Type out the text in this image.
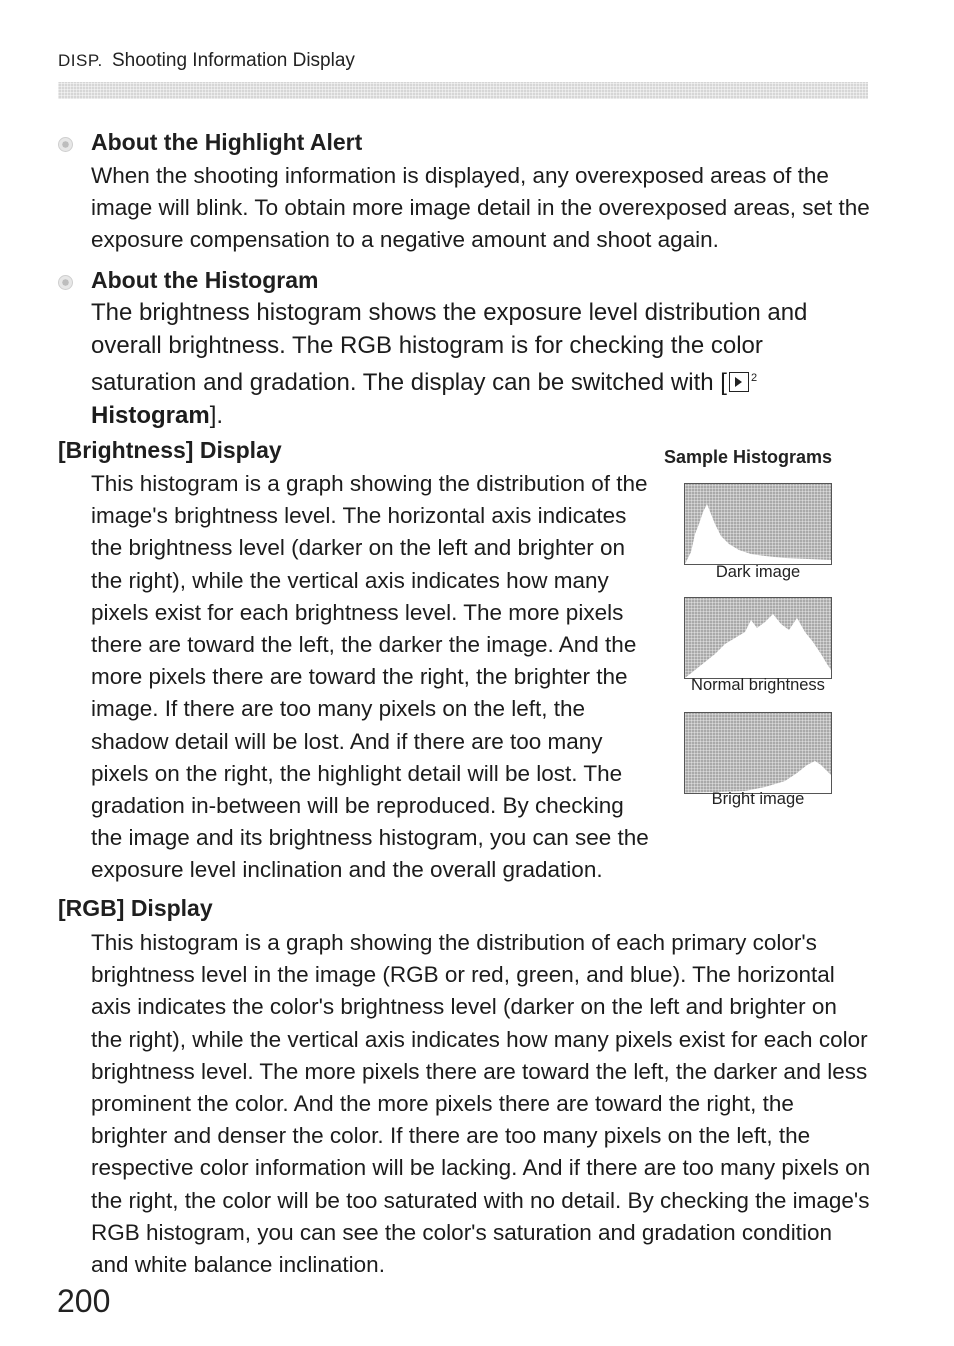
DISP. Shooting Information Display
About the Highlight Alert
When the shooting information is displayed, any overexposed areas of the image will blink. To obtain more image detail in the overexposed areas, set the exposure compensation to a negative amount and shoot again.
About the Histogram
The brightness histogram shows the exposure level distribution and overall brightness. The RGB histogram is for checking the color saturation and gradation. The display can be switched with [ $^2$ Histogram].
[Brightness] Display
This histogram is a graph showing the distribution of the image's brightness level. The horizontal axis indicates the brightness level (darker on the left and brighter on the right), while the vertical axis indicates how many pixels exist for each brightness level. The more pixels there are toward the left, the darker the image. And the more pixels there are toward the right, the brighter the image. If there are too many pixels on the left, the shadow detail will be lost. And if there are too many pixels on the right, the highlight detail will be lost. The gradation in-between will be reproduced. By checking the image and its brightness histogram, you can see the exposure level inclination and the overall gradation.
Sample Histograms
Dark image
Normal brightness
Bright image
[RGB] Display
This histogram is a graph showing the distribution of each primary color's brightness level in the image (RGB or red, green, and blue). The horizontal axis indicates the color's brightness level (darker on the left and brighter on the right), while the vertical axis indicates how many pixels exist for each color brightness level. The more pixels there are toward the left, the darker and less prominent the color. And the more pixels there are toward the right, the brighter and denser the color. If there are too many pixels on the left, the respective color information will be lacking. And if there are too many pixels on the right, the color will be too saturated with no detail. By checking the image's RGB histogram, you can see the color's saturation and gradation condition and white balance inclination.
200
